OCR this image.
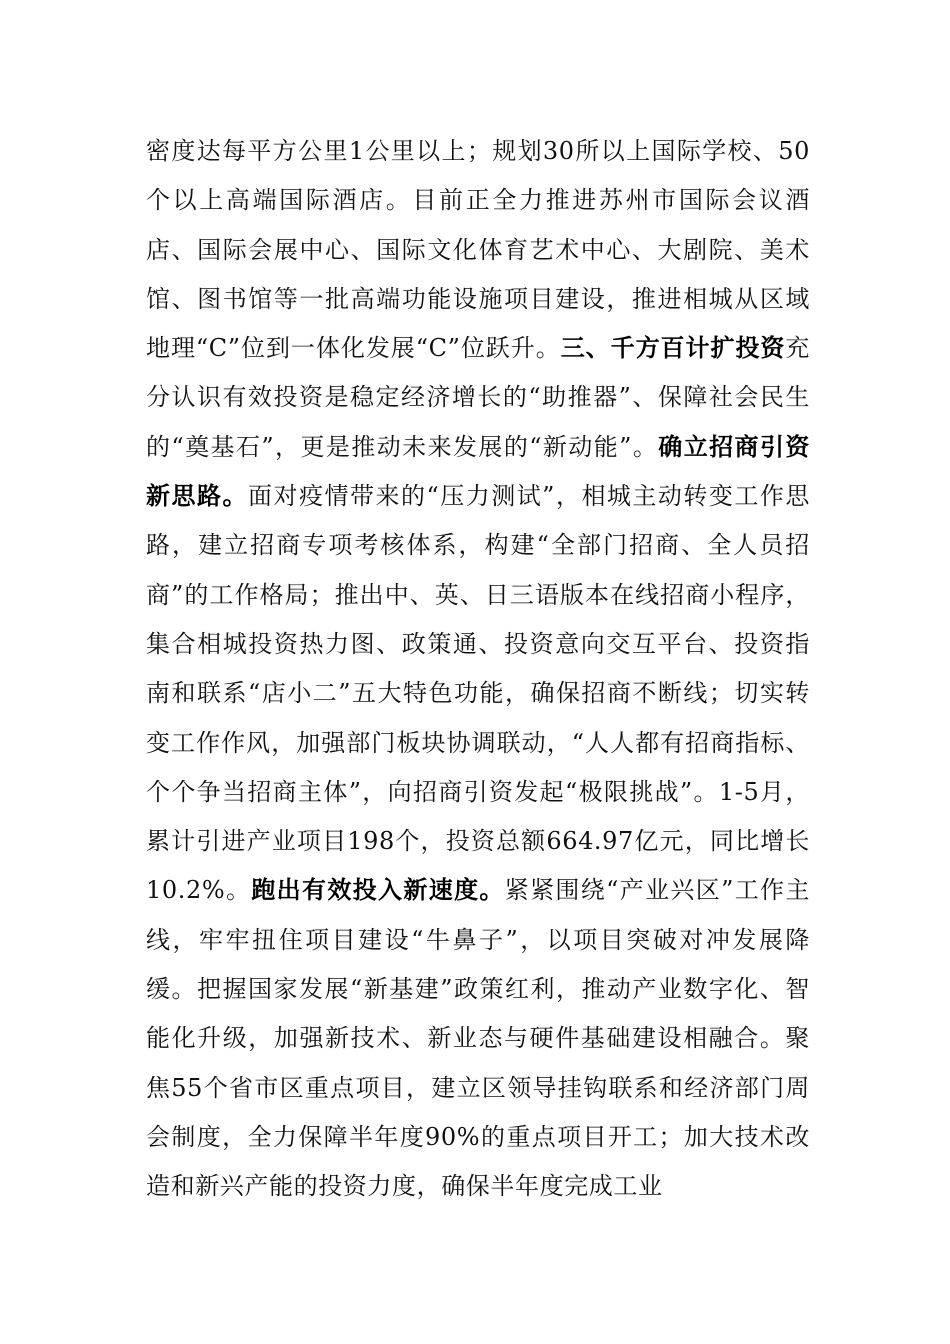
密度达每平方公里1公里以上；规划30所以上国际学校、50个以上高端国际酒店。目前正全力推进苏州市国际会议酒店、国际会展中心、国际文化体育艺术中心、大剧院、美术馆、图书馆等一批高端功能设施项目建设，推进相城从区域地理“C”位到一体化发展“C”位跃升。三、千方百计扩投资充分认识有效投资是稳定经济增长的“助推器”、保障社会民生的“奠基石”，更是推动未来发展的“新动能”。确立招商引资新思路。面对疫情带来的“压力测试”，相城主动转变工作思路，建立招商专项考核体系，构建“全部门招商、全人员招商”的工作格局；推出中、英、日三语版本在线招商小程序，集合相城投资热力图、政策通、投资意向交互平台、投资指南和联系“店小二”五大特色功能，确保招商不断线；切实转变工作作风，加强部门板块协调联动，“人人都有招商指标、个个争当招商主体”，向招商引资发起“极限挑战”。1-5月，累计引进产业项目198个，投资总额664.97亿元，同比增长10.2%。跑出有效投入新速度。紧紧围绕“产业兴区”工作主线，牢牢扭住项目建设“牛鼻子”，以项目突破对冲发展降缓。把握国家发展“新基建”政策红利，推动产业数字化、智能化升级，加强新技术、新业态与硬件基础建设相融合。聚焦55个省市区重点项目，建立区领导挂钩联系和经济部门周会制度，全力保障半年度90%的重点项目开工；加大技术改造和新兴产能的投资力度，确保半年度完成工业
